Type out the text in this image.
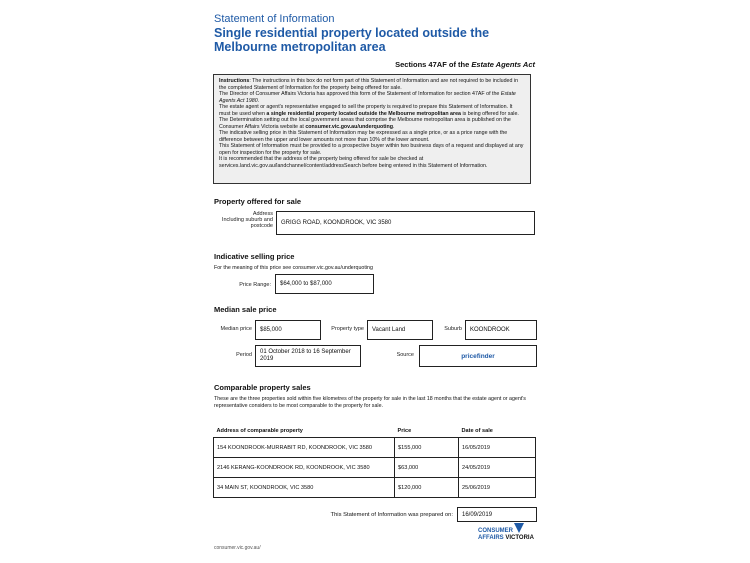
Statement of Information
Single residential property located outside the Melbourne metropolitan area
Sections 47AF of the Estate Agents Act

Instructions: The instructions in this box do not form part of this Statement of Information and are not required to be included in the completed Statement of Information for the property being offered for sale.

The Director of Consumer Affairs Victoria has approved this form of the Statement of Information for section 47AF of the Estate Agents Act 1980.

The estate agent or agent's representative engaged to sell the property is required to prepare this Statement of Information. It must be used when a single residential property located outside the Melbourne metropolitan area is being offered for sale. The Determination setting out the local government areas that comprise the Melbourne metropolitan area is published on the Consumer Affairs Victoria website at consumer.vic.gov.au/underquoting.

The indicative selling price in this Statement of Information may be expressed as a single price, or as a price range with the difference between the upper and lower amounts not more than 10% of the lower amount.

This Statement of Information must be provided to a prospective buyer within two business days of a request and displayed at any open for inspection for the property for sale.

It is recommended that the address of the property being offered for sale be checked at services.land.vic.gov.au/landchannel/content/addressSearch before being entered in this Statement of Information.

Property offered for sale
Address
Including suburb and postcode	GRIGG ROAD, KOONDROOK, VIC 3580
Indicative selling price
For the meaning of this price see consumer.vic.gov.au/underquoting
Price Range:	$64,000 to $87,000
Median sale price
Median price	$85,000	Property type	Vacant Land	Suburb	KOONDROOK
Period	01 October 2018 to 16 September 2019
Source	pricefinder
Comparable property sales
These are the three properties sold within five kilometres of the property for sale in the last 18 months that the estate agent or agent's representative considers to be most comparable to the property for sale.
Address of comparable property	Price	Date of sale
154 KOONDROOK-MURRABIT RD, KOONDROOK, VIC 3580	$155,000	16/05/2019
2146 KERANG-KOONDROOK RD, KOONDROOK, VIC 3580	$63,000	24/05/2019
34 MAIN ST, KOONDROOK, VIC 3580	$120,000	25/06/2019
This Statement of Information was prepared on:	16/09/2019
consumer.vic.gov.au/
CONSUMER
AFFAIRS VICTORIA
